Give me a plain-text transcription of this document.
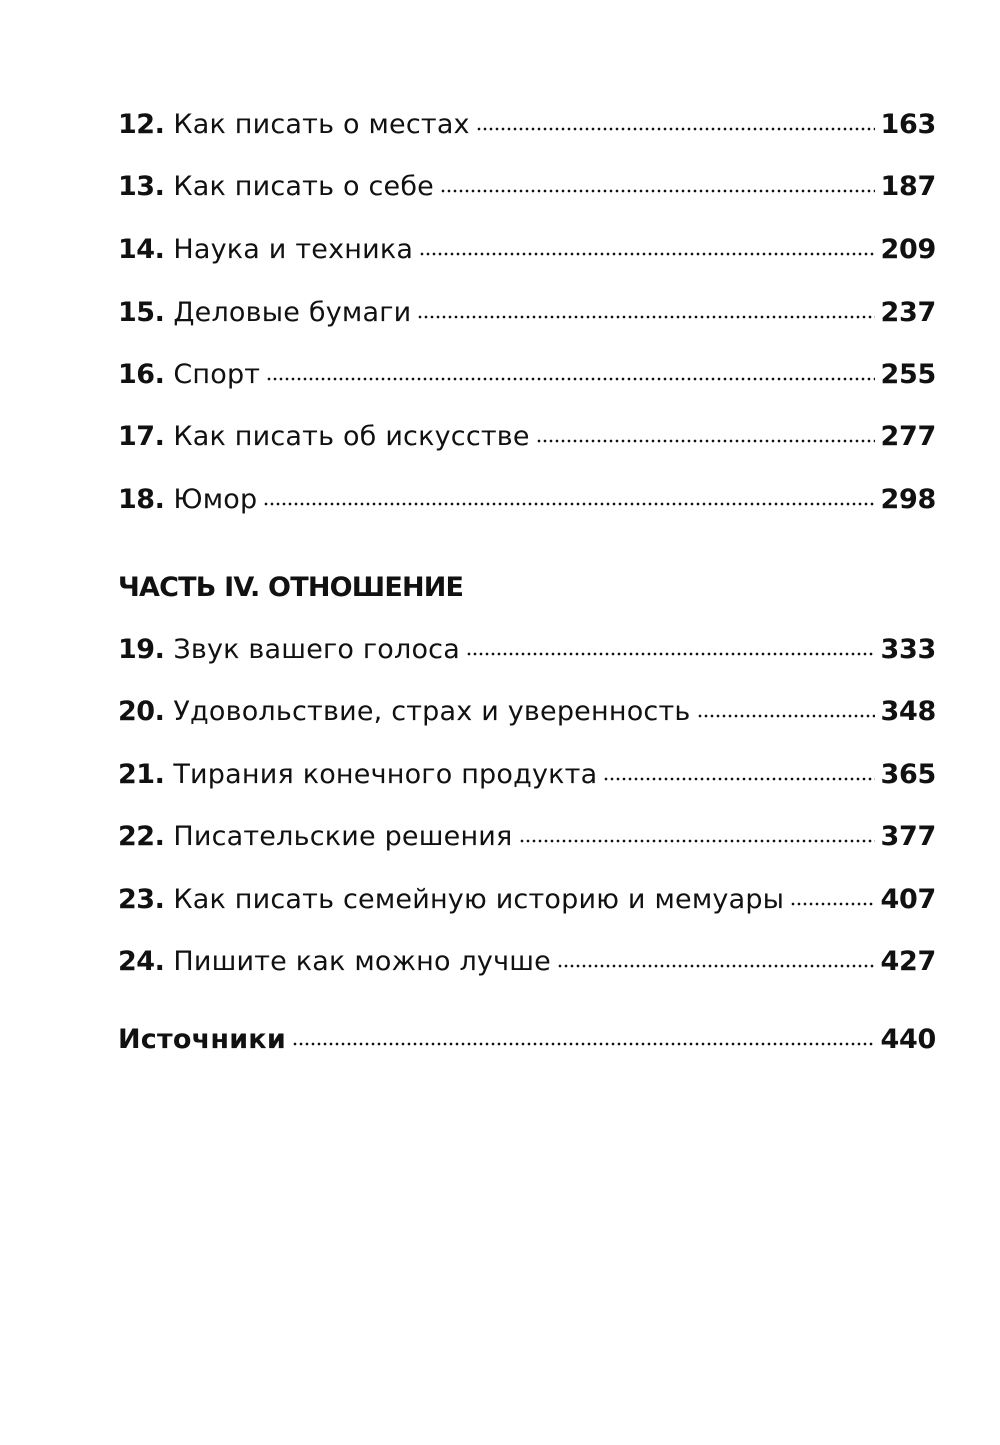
12. Как писать о местах	163
13. Как писать о себе	187
14. Наука и техника	209
15. Деловые бумаги	237
16. Спорт	255
17. Как писать об искусстве	277
18. Юмор	298
ЧАСТЬ IV. ОТНОШЕНИЕ
19. Звук вашего голоса	333
20. Удовольствие, страх и уверенность	348
21. Тирания конечного продукта	365
22. Писательские решения	377
23. Как писать семейную историю и мемуары	407
24. Пишите как можно лучше	427
Источники	440
